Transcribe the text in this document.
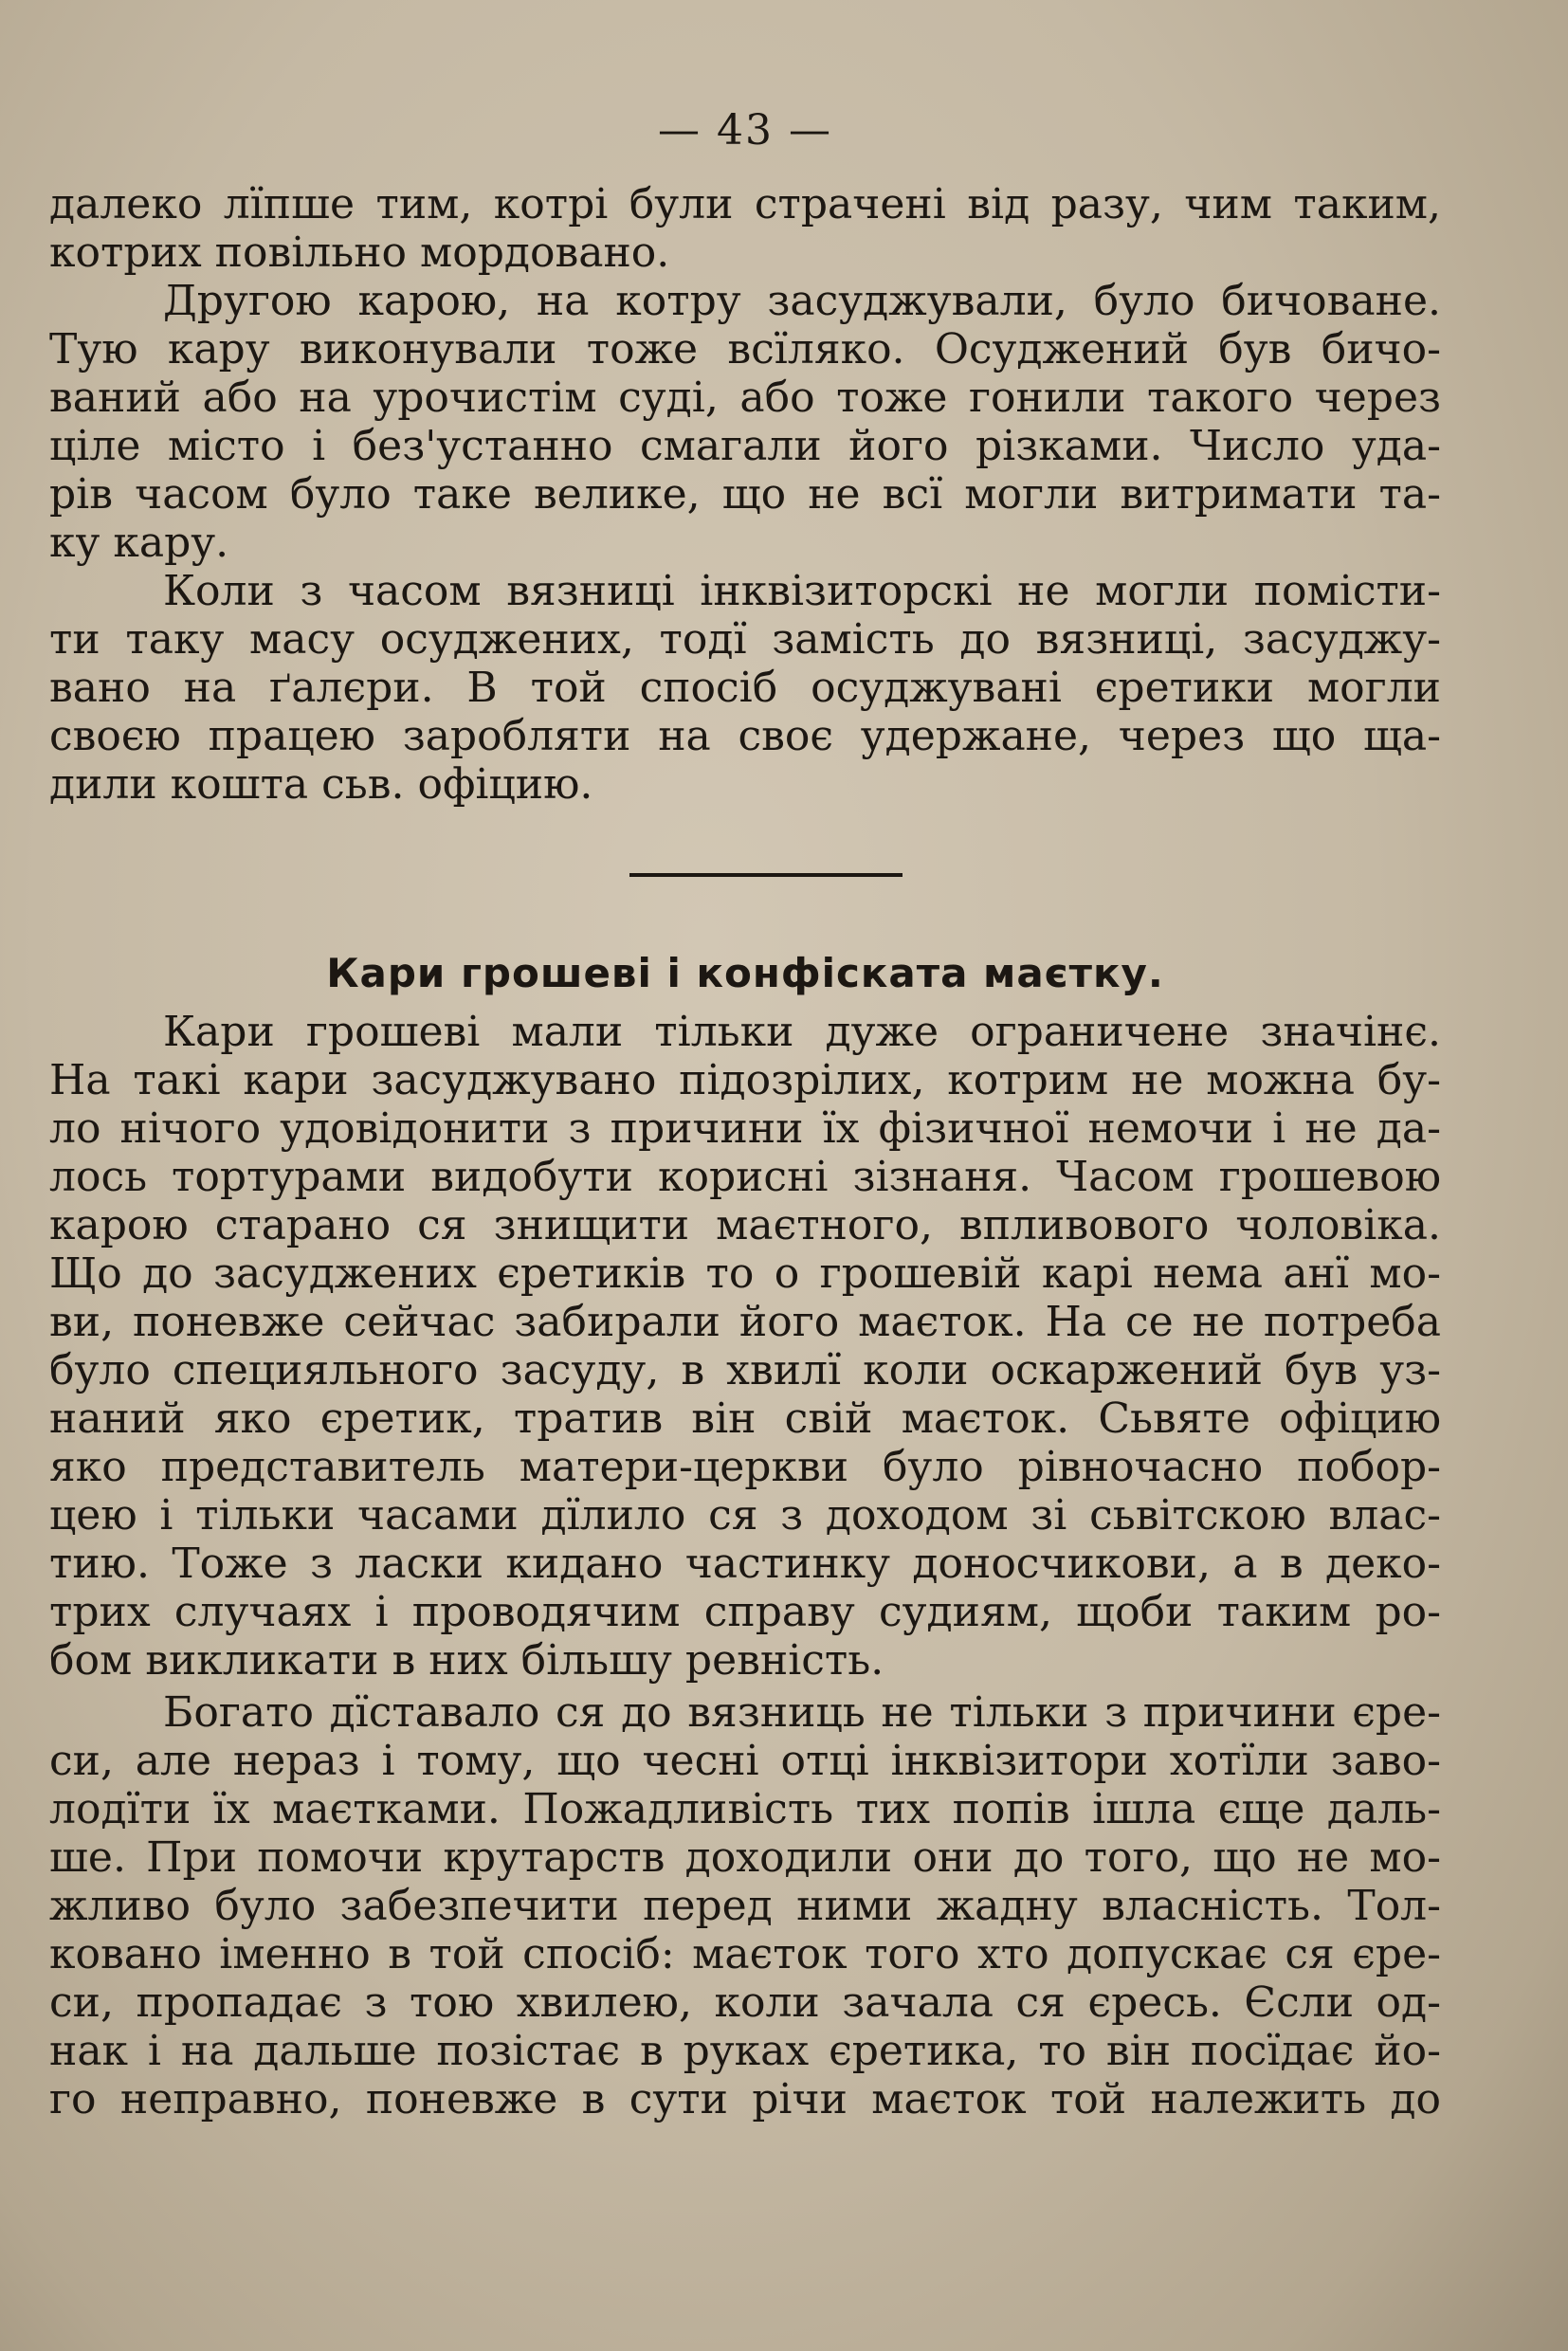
— 43 —
далеко лїпше тим, котрі були страчені від разу, чим таким,
котрих повільно мордовано.
Другою карою, на котру засуджували, було бичоване.
Тую кару виконували тоже всїляко. Осуджений був бичо-
ваний або на урочистім суді, або тоже гонили такого через
ціле місто і без'устанно смагали його різками. Число уда-
рів часом було таке велике, що не всї могли витримати та-
ку кару.
Коли з часом вязниці інквізиторскі не могли помісти-
ти таку масу осуджених, тодї замість до вязниці, засуджу-
вано на ґалєри. В той спосіб осуджувані єретики могли
своєю працею заробляти на своє удержане, через що ща-
дили кошта сьв. офіцию.
Кари грошеві і конфіската маєтку.
Кари грошеві мали тільки дуже ограничене значінє.
На такі кари засуджувано підозрілих, котрим не можна бу-
ло нічого удовідонити з причини їх фізичної немочи і не да-
лось тортурами видобути корисні зізнаня. Часом грошевою
карою старано ся знищити маєтного, впливового чоловіка.
Що до засуджених єретиків то о грошевій карі нема анї мо-
ви, поневже сейчас забирали його маєток. На се не потреба
було специяльного засуду, в хвилї коли оскаржений був уз-
наний яко єретик, тратив він свій маєток. Сьвяте офіцию
яко представитель матери-церкви було рівночасно побор-
цею і тільки часами дїлило ся з доходом зі сьвітскою влас-
тию. Тоже з ласки кидано частинку доносчикови, а в деко-
трих случаях і проводячим справу судиям, щоби таким ро-
бом викликати в них більшу ревність.
Богато дїставало ся до вязниць не тільки з причини єре-
си, але нераз і тому, що чесні отці інквізитори хотїли заво-
лодїти їх маєтками. Пожадливість тих попів ішла єще даль-
ше. При помочи крутарств доходили они до того, що не мо-
жливо було забезпечити перед ними жадну власність. Тол-
ковано іменно в той спосіб: маєток того хто допускає ся єре-
си, пропадає з тою хвилею, коли зачала ся єресь. Єсли од-
нак і на дальше позістає в руках єретика, то він посїдає йо-
го неправно, поневже в сути річи маєток той належить до
